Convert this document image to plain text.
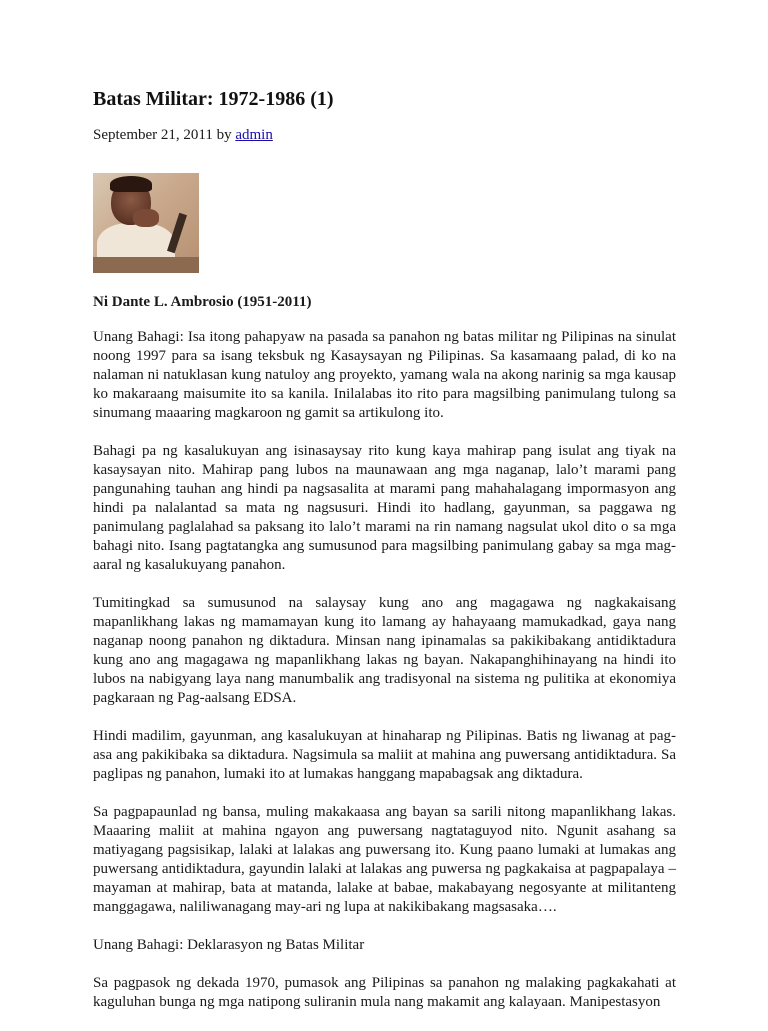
Batas Militar: 1972-1986 (1)
September 21, 2011 by admin
Ni Dante L. Ambrosio (1951-2011)

Unang Bahagi: Isa itong pahapyaw na pasada sa panahon ng batas militar ng Pilipinas na sinulat noong 1997 para sa isang teksbuk ng Kasaysayan ng Pilipinas. Sa kasamaang palad, di ko na nalaman ni natuklasan kung natuloy ang proyekto, yamang wala na akong narinig sa mga kausap ko makaraang maisumite ito sa kanila. Inilalabas ito rito para magsilbing panimulang tulong sa sinumang maaaring magkaroon ng gamit sa artikulong ito.

Bahagi pa ng kasalukuyan ang isinasaysay rito kung kaya mahirap pang isulat ang tiyak na kasaysayan nito. Mahirap pang lubos na maunawaan ang mga naganap, lalo’t marami pang pangunahing tauhan ang hindi pa nagsasalita at marami pang mahahalagang impormasyon ang hindi pa nalalantad sa mata ng nagsusuri. Hindi ito hadlang, gayunman, sa paggawa ng panimulang paglalahad sa paksang ito lalo’t marami na rin namang nagsulat ukol dito o sa mga bahagi nito. Isang pagtatangka ang sumusunod para magsilbing panimulang gabay sa mga mag-aaral ng kasalukuyang panahon.

Tumitingkad sa sumusunod na salaysay kung ano ang magagawa ng nagkakaisang mapanlikhang lakas ng mamamayan kung ito lamang ay hahayaang mamukadkad, gaya nang naganap noong panahon ng diktadura. Minsan nang ipinamalas sa pakikibakang antidiktadura kung ano ang magagawa ng mapanlikhang lakas ng bayan. Nakapanghihinayang na hindi ito lubos na nabigyang laya nang manumbalik ang tradisyonal na sistema ng pulitika at ekonomiya pagkaraan ng Pag-aalsang EDSA.

Hindi madilim, gayunman, ang kasalukuyan at hinaharap ng Pilipinas. Batis ng liwanag at pag-asa ang pakikibaka sa diktadura. Nagsimula sa maliit at mahina ang puwersang antidiktadura. Sa paglipas ng panahon, lumaki ito at lumakas hanggang mapabagsak ang diktadura.

Sa pagpapaunlad ng bansa, muling makakaasa ang bayan sa sarili nitong mapanlikhang lakas. Maaaring maliit at mahina ngayon ang puwersang nagtataguyod nito. Ngunit asahang sa matiyagang pagsisikap, lalaki at lalakas ang puwersang ito. Kung paano lumaki at lumakas ang puwersang antidiktadura, gayundin lalaki at lalakas ang puwersa ng pagkakaisa at pagpapalaya – mayaman at mahirap, bata at matanda, lalake at babae, makabayang negosyante at militanteng manggagawa, naliliwanagang may-ari ng lupa at nakikibakang magsasaka….

Unang Bahagi: Deklarasyon ng Batas Militar

Sa pagpasok ng dekada 1970, pumasok ang Pilipinas sa panahon ng malaking pagkakahati at kaguluhan bunga ng mga natipong suliranin mula nang makamit ang kalayaan. Manipestasyon
